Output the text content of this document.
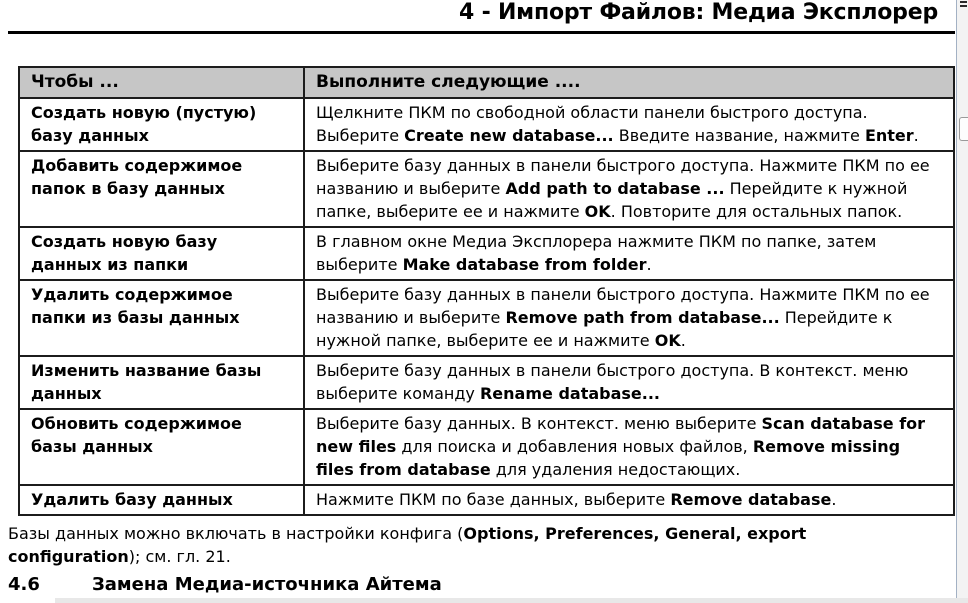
4 - Импорт Файлов: Медиа Эксплорер
Чтобы ...	Выполните следующие ....
Создать новую (пустую) базу данных	Щелкните ПКМ по свободной области панели быстрого доступа. Выберите Create new database... Введите название, нажмите Enter.
Добавить содержимое папок в базу данных	Выберите базу данных в панели быстрого доступа. Нажмите ПКМ по ее названию и выберите Add path to database ... Перейдите к нужной папке, выберите ее и нажмите OK. Повторите для остальных папок.
Создать новую базу данных из папки	В главном окне Медиа Эксплорера нажмите ПКМ по папке, затем выберите Make database from folder.
Удалить содержимое папки из базы данных	Выберите базу данных в панели быстрого доступа. Нажмите ПКМ по ее названию и выберите Remove path from database... Перейдите к нужной папке, выберите ее и нажмите OK.
Изменить название базы данных	Выберите базу данных в панели быстрого доступа. В контекст. меню выберите команду Rename database...
Обновить содержимое базы данных	Выберите базу данных. В контекст. меню выберите Scan database for new files для поиска и добавления новых файлов, Remove missing files from database для удаления недостающих.
Удалить базу данных	Нажмите ПКМ по базе данных, выберите Remove database.

Базы данных можно включать в настройки конфига (Options, Preferences, General, export configuration); см. гл. 21.

4.6	Замена Медиа-источника Айтема
